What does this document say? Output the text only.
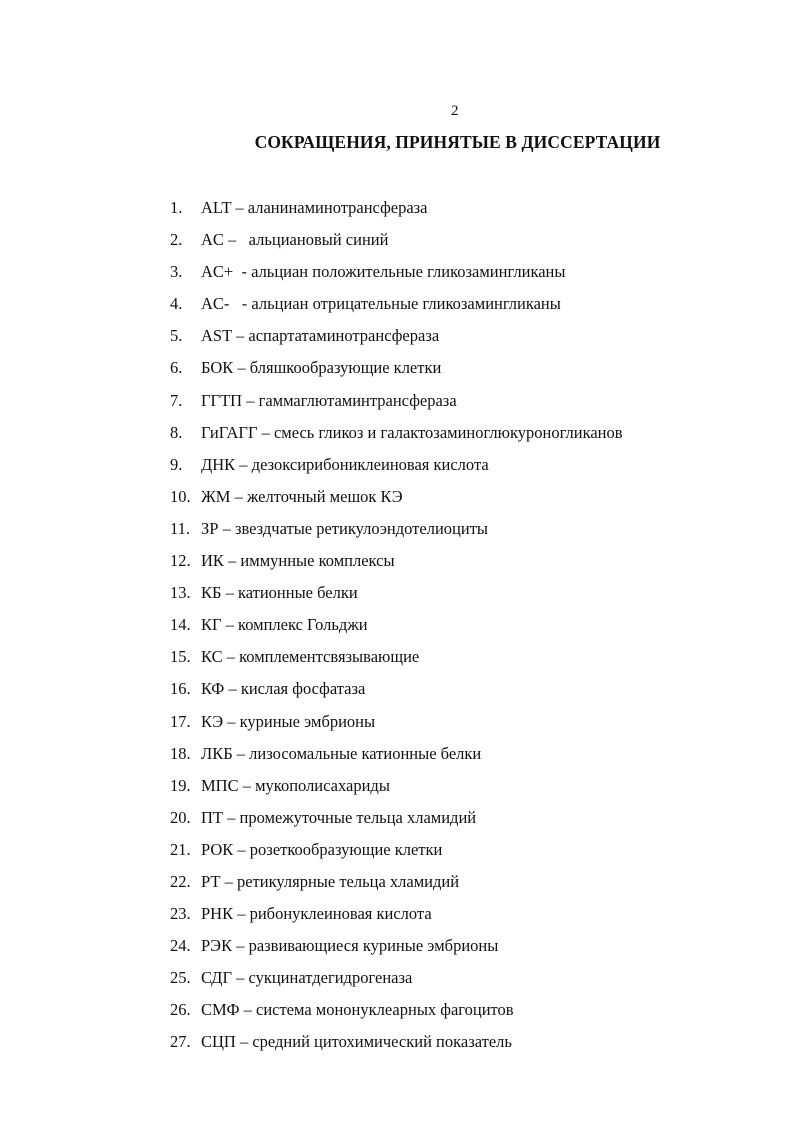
2
СОКРАЩЕНИЯ, ПРИНЯТЫЕ В ДИССЕРТАЦИИ
1. ALT – аланинаминотрансфераза
2. AC –   альциановый синий
3. AC+  - альциан положительные гликозамингликаны
4. AC-   - альциан отрицательные гликозамингликаны
5. AST – аспартатаминотрансфераза
6. БОК – бляшкообразующие клетки
7. ГГТП – гаммаглютаминтрансфераза
8. ГиГАГГ – смесь гликоз и галактозаминоглюкуроногликанов
9. ДНК – дезоксирибониклеиновая кислота
10. ЖМ – желточный мешок КЭ
11. ЗР – звездчатые ретикулоэндотелиоциты
12. ИК – иммунные комплексы
13. КБ – катионные белки
14. КГ – комплекс Гольджи
15. КС – комплементсвязывающие
16. КФ – кислая фосфатаза
17. КЭ – куриные эмбрионы
18. ЛКБ – лизосомальные катионные белки
19. МПС – мукополисахариды
20. ПТ – промежуточные тельца хламидий
21. РОК – розеткообразующие клетки
22. РТ – ретикулярные тельца хламидий
23. РНК – рибонуклеиновая кислота
24. РЭК – развивающиеся куриные эмбрионы
25. СДГ – сукцинатдегидрогеназа
26. СМФ – система мононуклеарных фагоцитов
27. СЦП – средний цитохимический показатель
